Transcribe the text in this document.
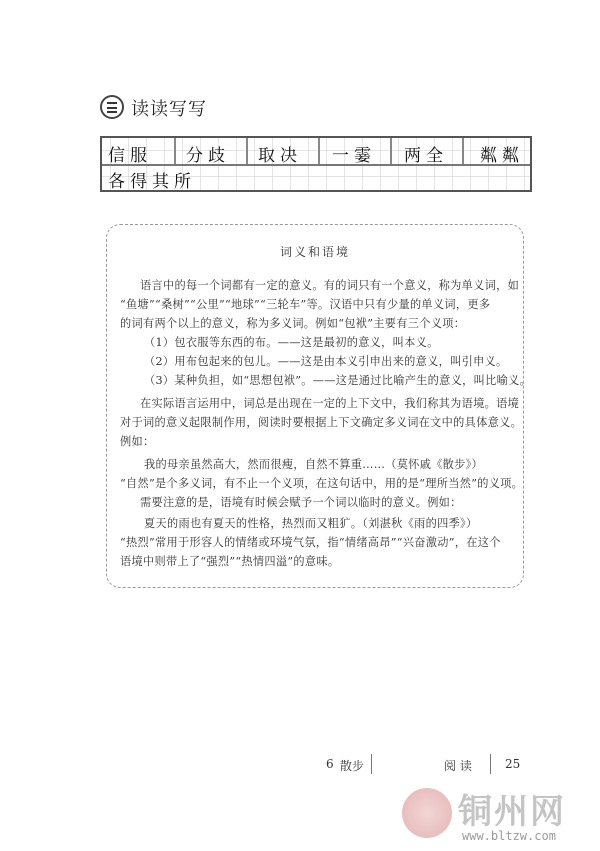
读读写写
信服 分歧 取决 一霎 两全 粼粼
各得其所
词义和语境
语言中的每一个词都有一定的意义。有的词只有一个意义，称为单义词，如
“鱼塘”“桑树”“公里”“地球”“三轮车”等。汉语中只有少量的单义词，更多
的词有两个以上的意义，称为多义词。例如“包袱”主要有三个义项：
（1）包衣服等东西的布。——这是最初的意义，叫本义。
（2）用布包起来的包儿。——这是由本义引申出来的意义，叫引申义。
（3）某种负担，如“思想包袱”。——这是通过比喻产生的意义，叫比喻义。
在实际语言运用中，词总是出现在一定的上下文中，我们称其为语境。语境
对于词的意义起限制作用，阅读时要根据上下文确定多义词在文中的具体意义。
例如：
我的母亲虽然高大，然而很瘦，自然不算重……（莫怀戚《散步》）
“自然”是个多义词，有不止一个义项，在这句话中，用的是“理所当然”的义项。
需要注意的是，语境有时候会赋予一个词以临时的意义。例如：
夏天的雨也有夏天的性格，热烈而又粗犷。（刘湛秋《雨的四季》）
“热烈”常用于形容人的情绪或环境气氛，指“情绪高昂”“兴奋激动”，在这个
语境中则带上了“强烈”“热情四溢”的意味。
6 散步	阅 读	25
铜州网
www.bltzw.com
